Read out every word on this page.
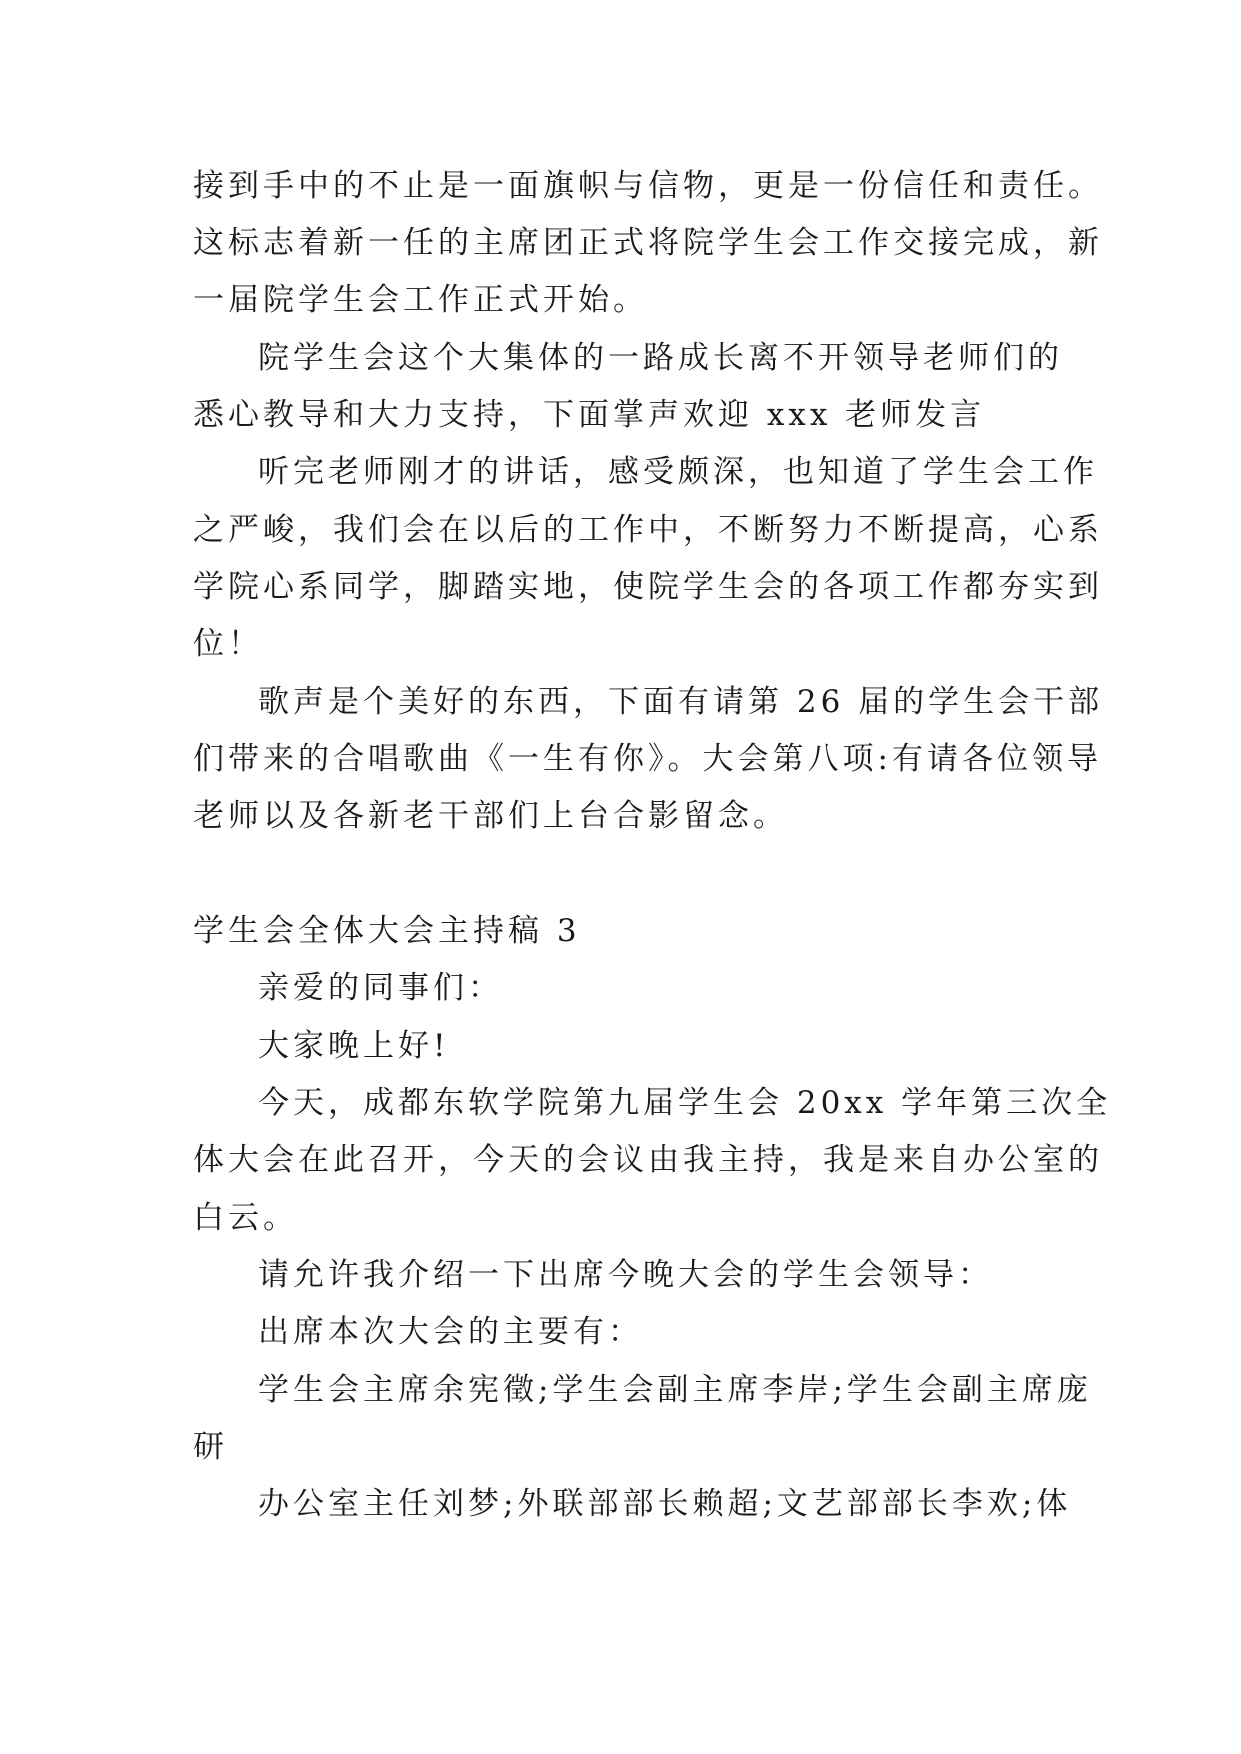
接到手中的不止是一面旗帜与信物，更是一份信任和责任。
这标志着新一任的主席团正式将院学生会工作交接完成，新
一届院学生会工作正式开始。
院学生会这个大集体的一路成长离不开领导老师们的
悉心教导和大力支持，下面掌声欢迎 xxx 老师发言
听完老师刚才的讲话，感受颇深，也知道了学生会工作
之严峻，我们会在以后的工作中，不断努力不断提高，心系
学院心系同学，脚踏实地，使院学生会的各项工作都夯实到
位！
歌声是个美好的东西，下面有请第 26 届的学生会干部
们带来的合唱歌曲《一生有你》。大会第八项:有请各位领导
老师以及各新老干部们上台合影留念。
学生会全体大会主持稿 3
亲爱的同事们：
大家晚上好!
今天，成都东软学院第九届学生会 20xx 学年第三次全
体大会在此召开，今天的会议由我主持，我是来自办公室的
白云。
请允许我介绍一下出席今晚大会的学生会领导：
出席本次大会的主要有：
学生会主席余宪徵;学生会副主席李岸;学生会副主席庞
研
办公室主任刘梦;外联部部长赖超;文艺部部长李欢;体
